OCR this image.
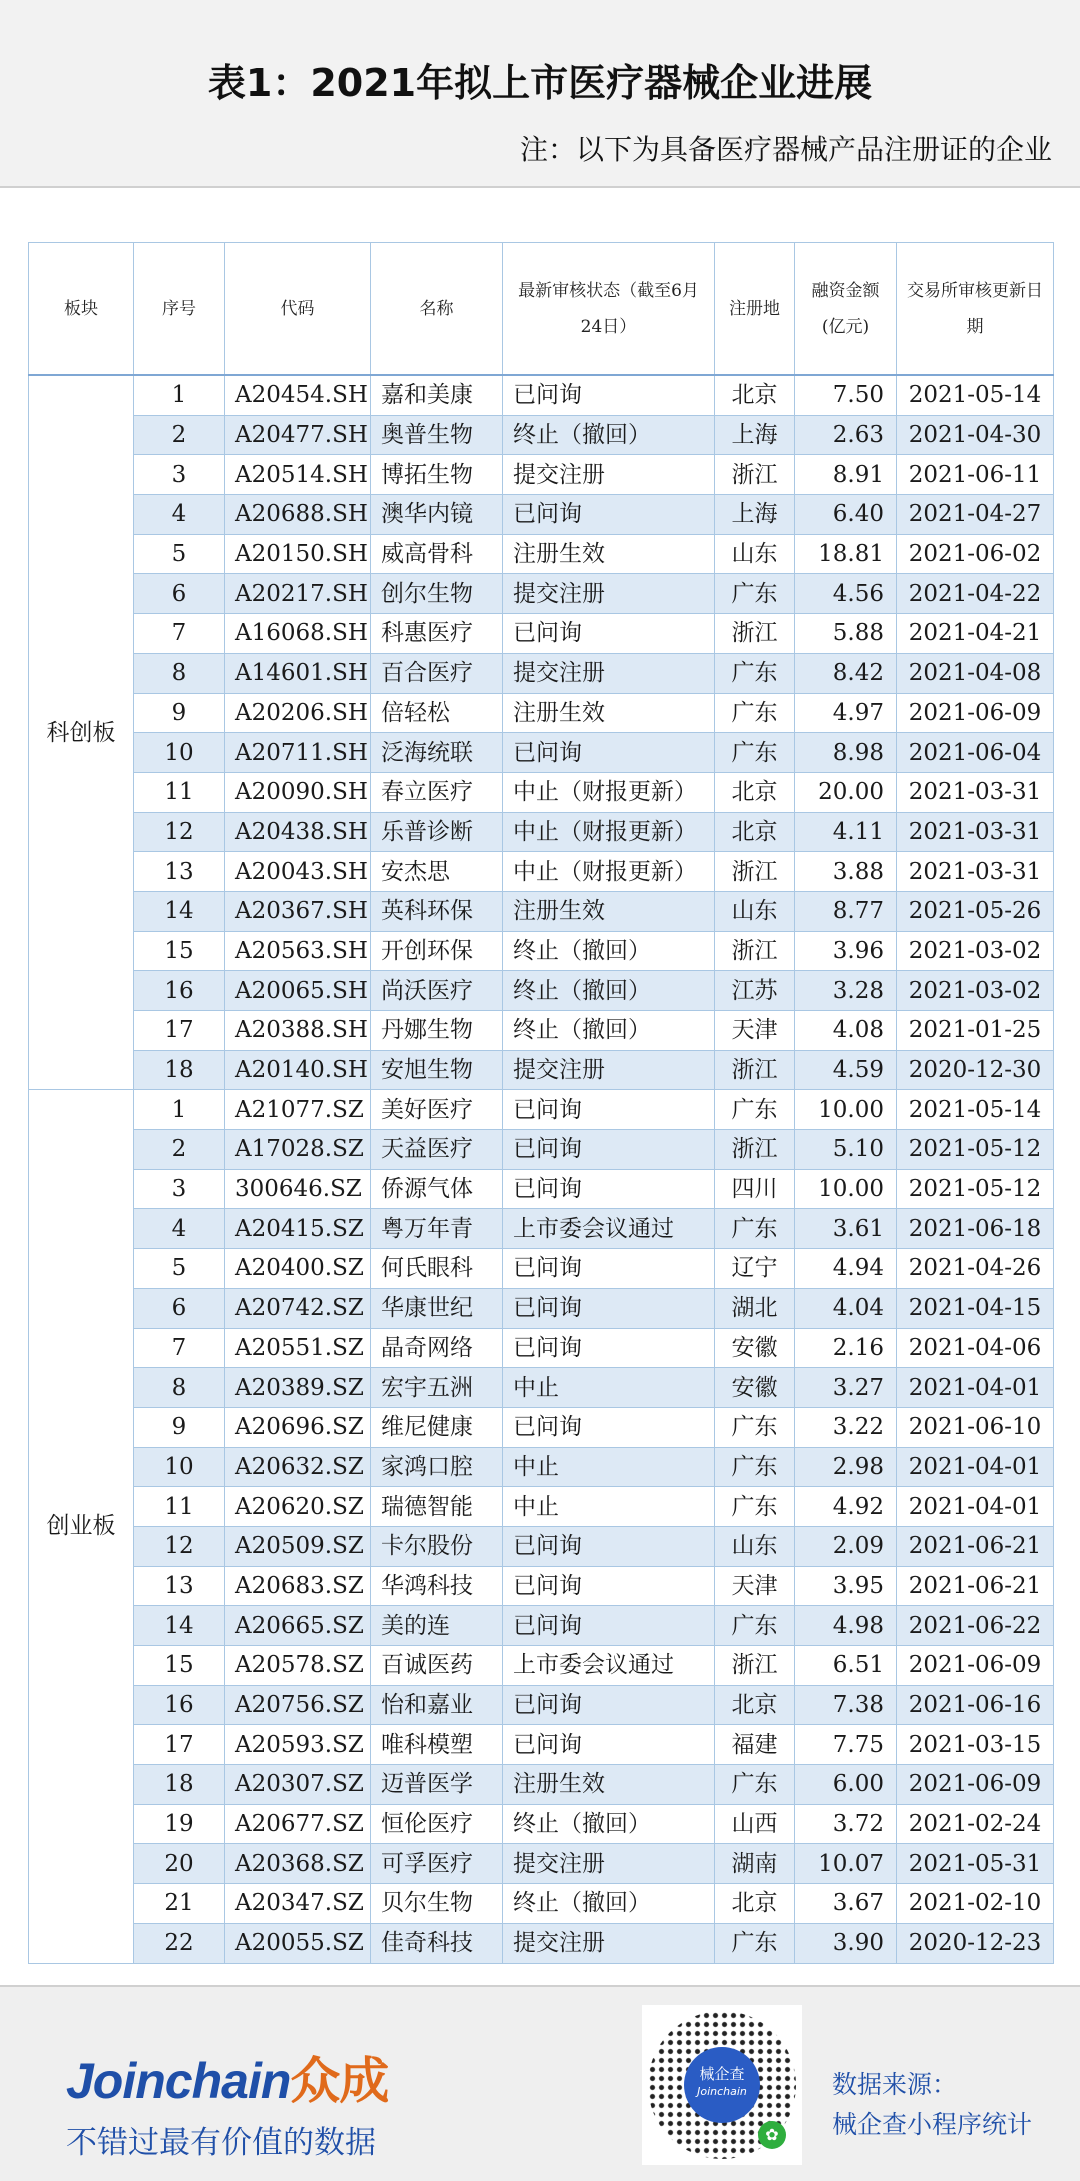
表1：2021年拟上市医疗器械企业进展
注：以下为具备医疗器械产品注册证的企业
板块	序号	代码	名称	最新审核状态（截至6月24日）	注册地	融资金额(亿元)	交易所审核更新日期
科创板	1	A20454.SH	嘉和美康	已问询	北京	7.50	2021-05-14
	2	A20477.SH	奥普生物	终止（撤回）	上海	2.63	2021-04-30
	3	A20514.SH	博拓生物	提交注册	浙江	8.91	2021-06-11
	4	A20688.SH	澳华内镜	已问询	上海	6.40	2021-04-27
	5	A20150.SH	威高骨科	注册生效	山东	18.81	2021-06-02
	6	A20217.SH	创尔生物	提交注册	广东	4.56	2021-04-22
	7	A16068.SH	科惠医疗	已问询	浙江	5.88	2021-04-21
	8	A14601.SH	百合医疗	提交注册	广东	8.42	2021-04-08
	9	A20206.SH	倍轻松	注册生效	广东	4.97	2021-06-09
	10	A20711.SH	泛海统联	已问询	广东	8.98	2021-06-04
	11	A20090.SH	春立医疗	中止（财报更新）	北京	20.00	2021-03-31
	12	A20438.SH	乐普诊断	中止（财报更新）	北京	4.11	2021-03-31
	13	A20043.SH	安杰思	中止（财报更新）	浙江	3.88	2021-03-31
	14	A20367.SH	英科环保	注册生效	山东	8.77	2021-05-26
	15	A20563.SH	开创环保	终止（撤回）	浙江	3.96	2021-03-02
	16	A20065.SH	尚沃医疗	终止（撤回）	江苏	3.28	2021-03-02
	17	A20388.SH	丹娜生物	终止（撤回）	天津	4.08	2021-01-25
	18	A20140.SH	安旭生物	提交注册	浙江	4.59	2020-12-30
创业板	1	A21077.SZ	美好医疗	已问询	广东	10.00	2021-05-14
	2	A17028.SZ	天益医疗	已问询	浙江	5.10	2021-05-12
	3	300646.SZ	侨源气体	已问询	四川	10.00	2021-05-12
	4	A20415.SZ	粤万年青	上市委会议通过	广东	3.61	2021-06-18
	5	A20400.SZ	何氏眼科	已问询	辽宁	4.94	2021-04-26
	6	A20742.SZ	华康世纪	已问询	湖北	4.04	2021-04-15
	7	A20551.SZ	晶奇网络	已问询	安徽	2.16	2021-04-06
	8	A20389.SZ	宏宇五洲	中止	安徽	3.27	2021-04-01
	9	A20696.SZ	维尼健康	已问询	广东	3.22	2021-06-10
	10	A20632.SZ	家鸿口腔	中止	广东	2.98	2021-04-01
	11	A20620.SZ	瑞德智能	中止	广东	4.92	2021-04-01
	12	A20509.SZ	卡尔股份	已问询	山东	2.09	2021-06-21
	13	A20683.SZ	华鸿科技	已问询	天津	3.95	2021-06-21
	14	A20665.SZ	美的连	已问询	广东	4.98	2021-06-22
	15	A20578.SZ	百诚医药	上市委会议通过	浙江	6.51	2021-06-09
	16	A20756.SZ	怡和嘉业	已问询	北京	7.38	2021-06-16
	17	A20593.SZ	唯科模塑	已问询	福建	7.75	2021-03-15
	18	A20307.SZ	迈普医学	注册生效	广东	6.00	2021-06-09
	19	A20677.SZ	恒伦医疗	终止（撤回）	山西	3.72	2021-02-24
	20	A20368.SZ	可孚医疗	提交注册	湖南	10.07	2021-05-31
	21	A20347.SZ	贝尔生物	终止（撤回）	北京	3.67	2021-02-10
	22	A20055.SZ	佳奇科技	提交注册	广东	3.90	2020-12-23
Joinchain众成
不错过最有价值的数据
械企查
Joinchain
✿
数据来源：
械企查小程序统计
